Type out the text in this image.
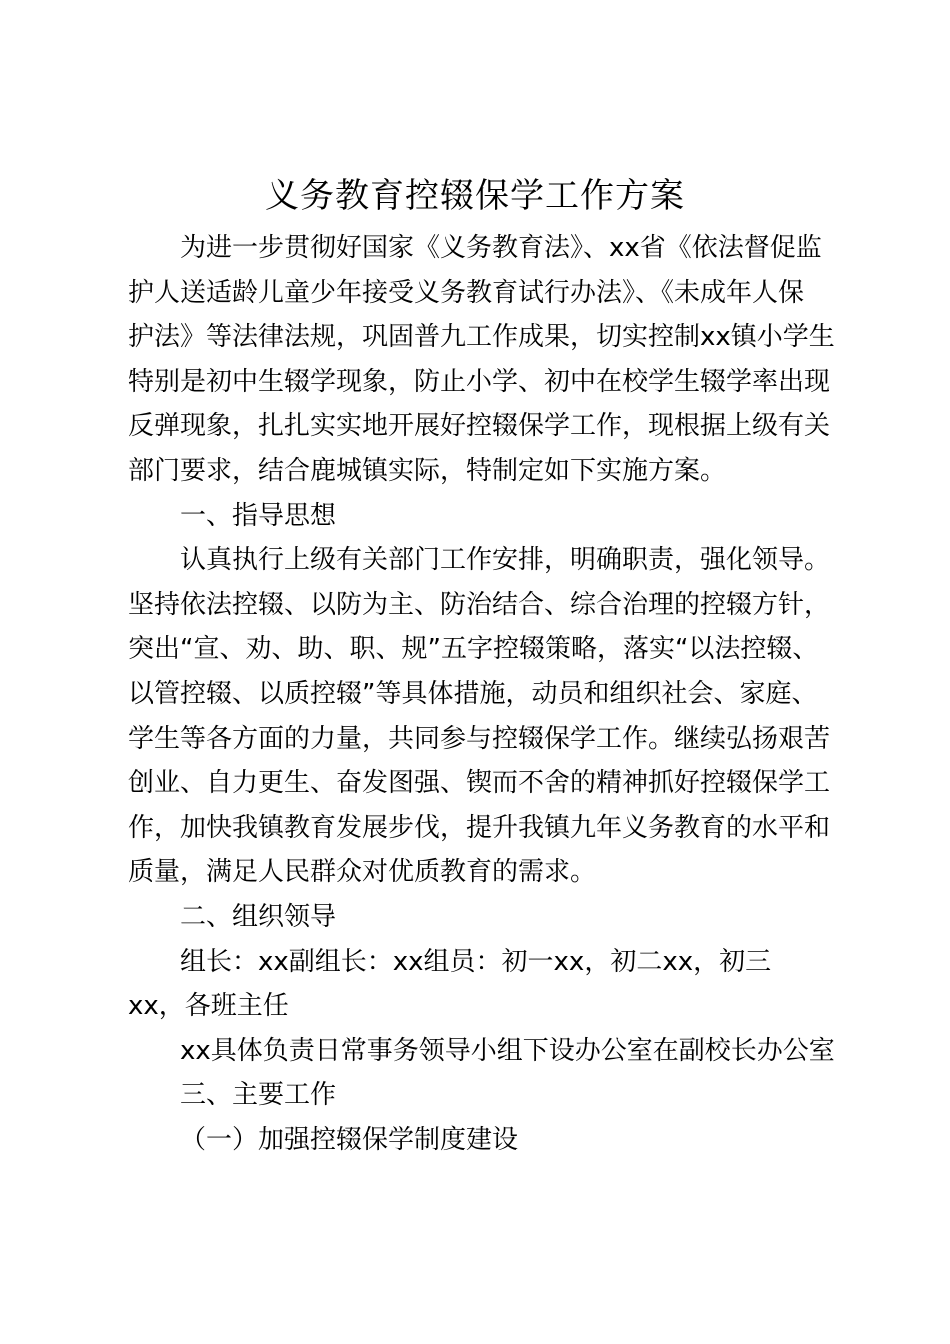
义务教育控辍保学工作方案
为进一步贯彻好国家《义务教育法》、xx省《依法督促监
护人送适龄儿童少年接受义务教育试行办法》、《未成年人保
护法》等法律法规，巩固普九工作成果，切实控制xx镇小学生
特别是初中生辍学现象，防止小学、初中在校学生辍学率出现
反弹现象，扎扎实实地开展好控辍保学工作，现根据上级有关
部门要求，结合鹿城镇实际，特制定如下实施方案。

一、指导思想

认真执行上级有关部门工作安排，明确职责，强化领导。
坚持依法控辍、以防为主、防治结合、综合治理的控辍方针，
突出“宣、劝、助、职、规”五字控辍策略，落实“以法控辍、
以管控辍、以质控辍”等具体措施，动员和组织社会、家庭、
学生等各方面的力量，共同参与控辍保学工作。继续弘扬艰苦
创业、自力更生、奋发图强、锲而不舍的精神抓好控辍保学工
作，加快我镇教育发展步伐，提升我镇九年义务教育的水平和
质量，满足人民群众对优质教育的需求。

二、组织领导

组长：xx副组长：xx组员：初一xx，初二xx，初三
xx，各班主任

xx具体负责日常事务领导小组下设办公室在副校长办公室

三、主要工作

（一）加强控辍保学制度建设
